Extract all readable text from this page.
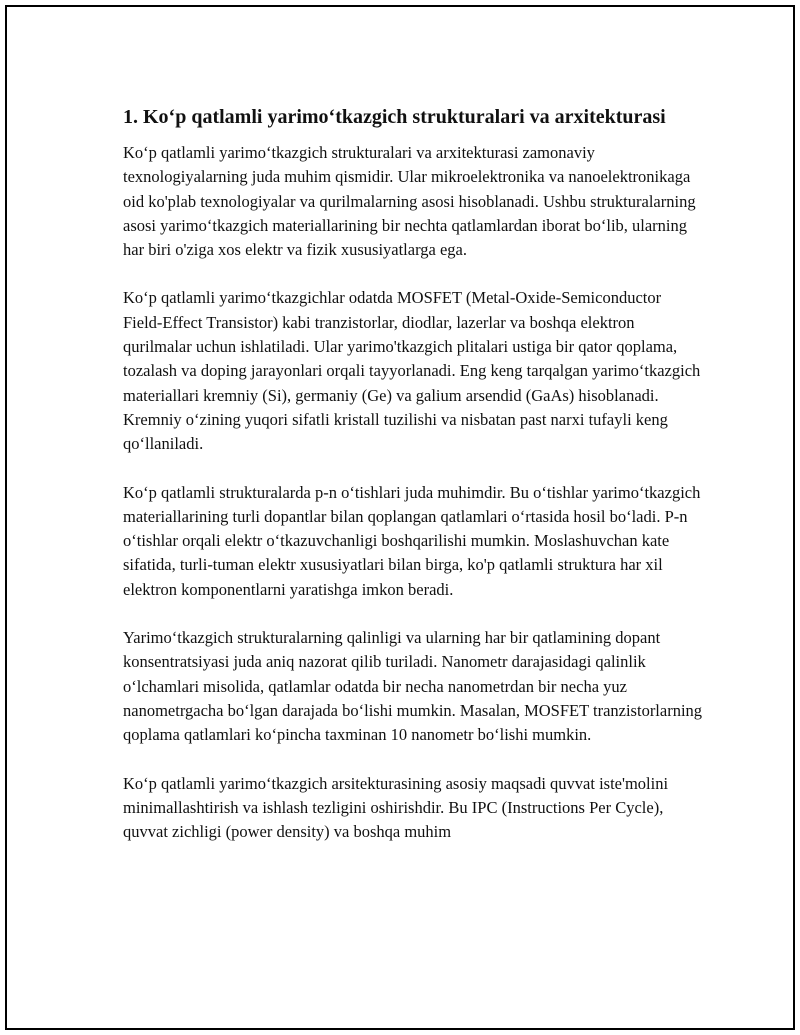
1. Ko‘p qatlamli yarimo‘tkazgich strukturalari va arxitekturasi

Ko‘p qatlamli yarimo‘tkazgich strukturalari va arxitekturasi zamonaviy texnologiyalarning juda muhim qismidir. Ular mikroelektronika va nanoelektronikaga oid ko'plab texnologiyalar va qurilmalarning asosi hisoblanadi. Ushbu strukturalarning asosi yarimo‘tkazgich materiallarining bir nechta qatlamlardan iborat bo‘lib, ularning har biri o'ziga xos elektr va fizik xususiyatlarga ega.

Ko‘p qatlamli yarimo‘tkazgichlar odatda MOSFET (Metal-Oxide-Semiconductor Field-Effect Transistor) kabi tranzistorlar, diodlar, lazerlar va boshqa elektron qurilmalar uchun ishlatiladi. Ular yarimo'tkazgich plitalari ustiga bir qator qoplama, tozalash va doping jarayonlari orqali tayyorlanadi. Eng keng tarqalgan yarimo‘tkazgich materiallari kremniy (Si), germaniy (Ge) va galium arsendid (GaAs) hisoblanadi. Kremniy o‘zining yuqori sifatli kristall tuzilishi va nisbatan past narxi tufayli keng qo‘llaniladi.

Ko‘p qatlamli strukturalarda p-n o‘tishlari juda muhimdir. Bu o‘tishlar yarimo‘tkazgich materiallarining turli dopantlar bilan qoplangan qatlamlari o‘rtasida hosil bo‘ladi. P-n o‘tishlar orqali elektr o‘tkazuvchanligi boshqarilishi mumkin. Moslashuvchan kate sifatida, turli-tuman elektr xususiyatlari bilan birga, ko'p qatlamli struktura har xil elektron komponentlarni yaratishga imkon beradi.

Yarimo‘tkazgich strukturalarning qalinligi va ularning har bir qatlamining dopant konsentratsiyasi juda aniq nazorat qilib turiladi. Nanometr darajasidagi qalinlik o‘lchamlari misolida, qatlamlar odatda bir necha nanometrdan bir necha yuz nanometrgacha bo‘lgan darajada bo‘lishi mumkin. Masalan, MOSFET tranzistorlarning qoplama qatlamlari ko‘pincha taxminan 10 nanometr bo‘lishi mumkin.

Ko‘p qatlamli yarimo‘tkazgich arsitekturasining asosiy maqsadi quvvat iste'molini minimallashtirish va ishlash tezligini oshirishdir. Bu IPC (Instructions Per Cycle), quvvat zichligi (power density) va boshqa muhim
